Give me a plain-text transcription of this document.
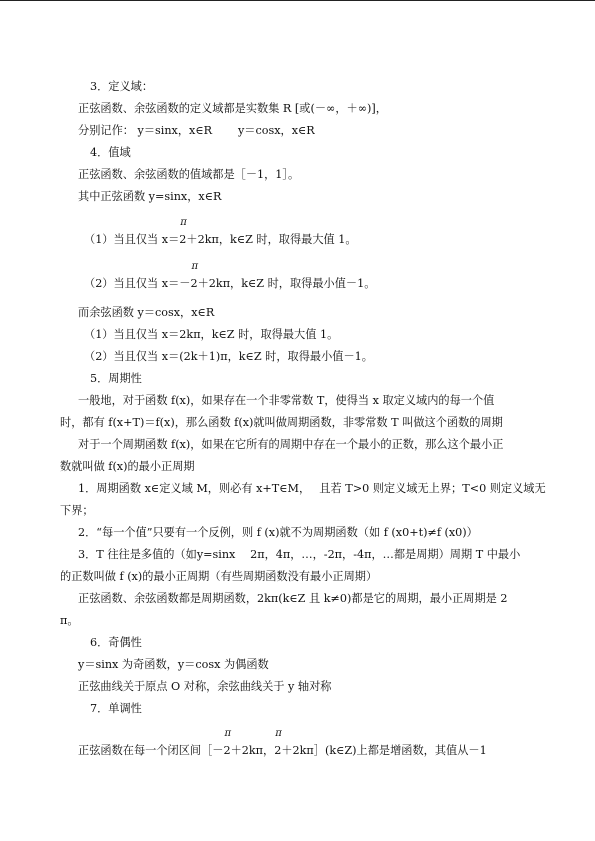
3．定义域：
正弦函数、余弦函数的定义域都是实数集 R [或(－∞，＋∞)]，
分别记作： y＝sinx，x∈R　　 y＝cosx，x∈R
4．值域
正弦函数、余弦函数的值域都是［－1，1］。
其中正弦函数 y=sinx，x∈R
（1）当且仅当 x＝
π
2＋2kπ，k∈Z 时，取得最大值 1。
（2）当且仅当 x＝－
π
2＋2kπ，k∈Z 时，取得最小值－1。
而余弦函数 y＝cosx，x∈R
（1）当且仅当 x＝2kπ，k∈Z 时，取得最大值 1。
（2）当且仅当 x＝(2k＋1)π，k∈Z 时，取得最小值－1。
5．周期性
一般地，对于函数 f(x)，如果存在一个非零常数 T，使得当 x 取定义域内的每一个值
时，都有 f(x+T)＝f(x)，那么函数 f(x)就叫做周期函数，非零常数 T 叫做这个函数的周期
对于一个周期函数 f(x)，如果在它所有的周期中存在一个最小的正数，那么这个最小正
数就叫做 f(x)的最小正周期
1．周期函数 x∈定义域 M，则必有 x+T∈M，　 且若 T>0 则定义域无上界；T<0 则定义域无
下界；
2．“每一个值”只要有一个反例，则 f (x)就不为周期函数（如 f (x0+t)≠f (x0)）
3．T 往往是多值的（如y=sinx　 2π，4π，…，-2π，-4π，…都是周期）周期 T 中最小
的正数叫做 f (x)的最小正周期（有些周期函数没有最小正周期）
正弦函数、余弦函数都是周期函数，2kπ(k∈Z 且 k≠0)都是它的周期，最小正周期是 2
π。
6．奇偶性
y＝sinx 为奇函数，y＝cosx 为偶函数
正弦曲线关于原点 O 对称，余弦曲线关于 y 轴对称
7．单调性
正弦函数在每一个闭区间［－
π
2＋2kπ，
π
2＋2kπ］(k∈Z)上都是增函数，其值从－1
